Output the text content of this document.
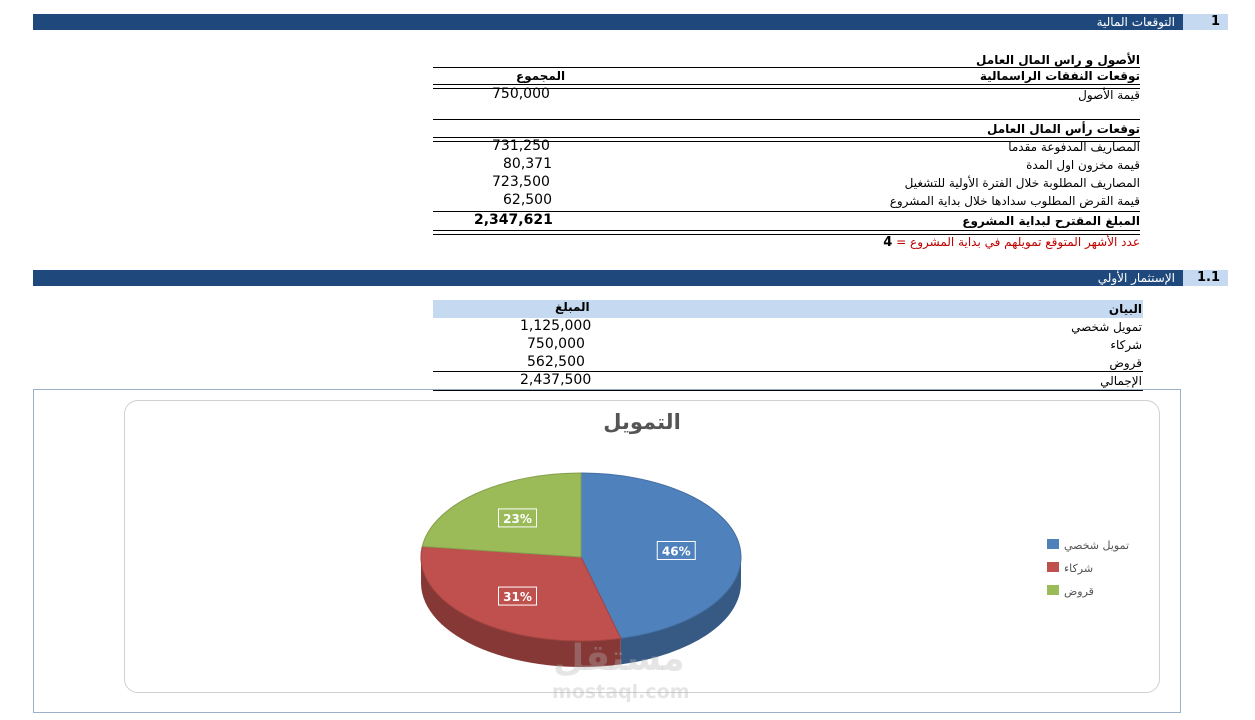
التوقعات المالية	1
الأصول و راس المال العامل
توقعات النفقات الراسمالية
المجموع
قيمة الأصول
750,000
توقعات رأس المال العامل
المصاريف المدفوعة مقدما
731,250
قيمة مخزون اول المدة
80,371
المصاريف المطلوبة خلال الفترة الأولية للتشغيل
723,500
قيمة القرض المطلوب سدادها خلال بداية المشروع
62,500
المبلغ المقترح لبداية المشروع
2,347,621
عدد الأشهر المتوقع تمويلهم في بداية المشروع = 4
الإستثمار الأولي	1.1
البيان
المبلغ
تمويل شخصي
1,125,000
شركاء
750,000
قروض
562,500
الإجمالي
2,437,500
التمويل
46%
31%
23%
تمويل شخصي
شركاء
قروض
مستقل
mostaql.com
